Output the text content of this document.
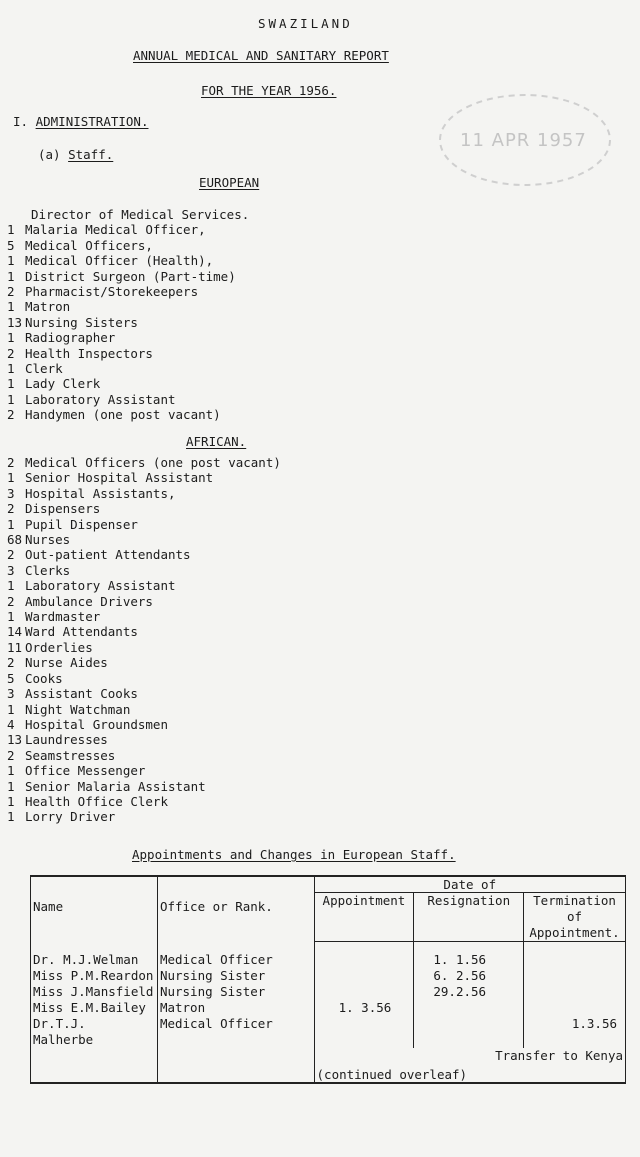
SWAZILAND
ANNUAL MEDICAL AND SANITARY REPORT
FOR THE YEAR 1956.
11 APR 1957
I. ADMINISTRATION.
(a) Staff.
EUROPEAN
Director of Medical Services.
1 Malaria Medical Officer,
5 Medical Officers,
1 Medical Officer (Health),
1 District Surgeon (Part-time)
2 Pharmacist/Storekeepers
1 Matron
13 Nursing Sisters
1 Radiographer
2 Health Inspectors
1 Clerk
1 Lady Clerk
1 Laboratory Assistant
2 Handymen (one post vacant)
AFRICAN.
2 Medical Officers (one post vacant)
1 Senior Hospital Assistant
3 Hospital Assistants,
2 Dispensers
1 Pupil Dispenser
68 Nurses
2 Out-patient Attendants
3 Clerks
1 Laboratory Assistant
2 Ambulance Drivers
1 Wardmaster
14 Ward Attendants
11 Orderlies
2 Nurse Aides
5 Cooks
3 Assistant Cooks
1 Night Watchman
4 Hospital Groundsmen
13 Laundresses
2 Seamstresses
1 Office Messenger
1 Senior Malaria Assistant
1 Health Office Clerk
1 Lorry Driver
Appointments and Changes in European Staff.

Name	Office or Rank.	Date of		
		Appointment	Resignation	Termination of Appointment.
Dr. M.J.Welman	Medical Officer		1. 1.56	
Miss P.M.Reardon	Nursing Sister		6. 2.56	
Miss J.Mansfield	Nursing Sister		29.2.56	
Miss E.M.Bailey	Matron	1. 3.56		
Dr.T.J.	Medical Officer			1.3.56
Malherbe				

		Transfer to Kenya
(continued overleaf)		
